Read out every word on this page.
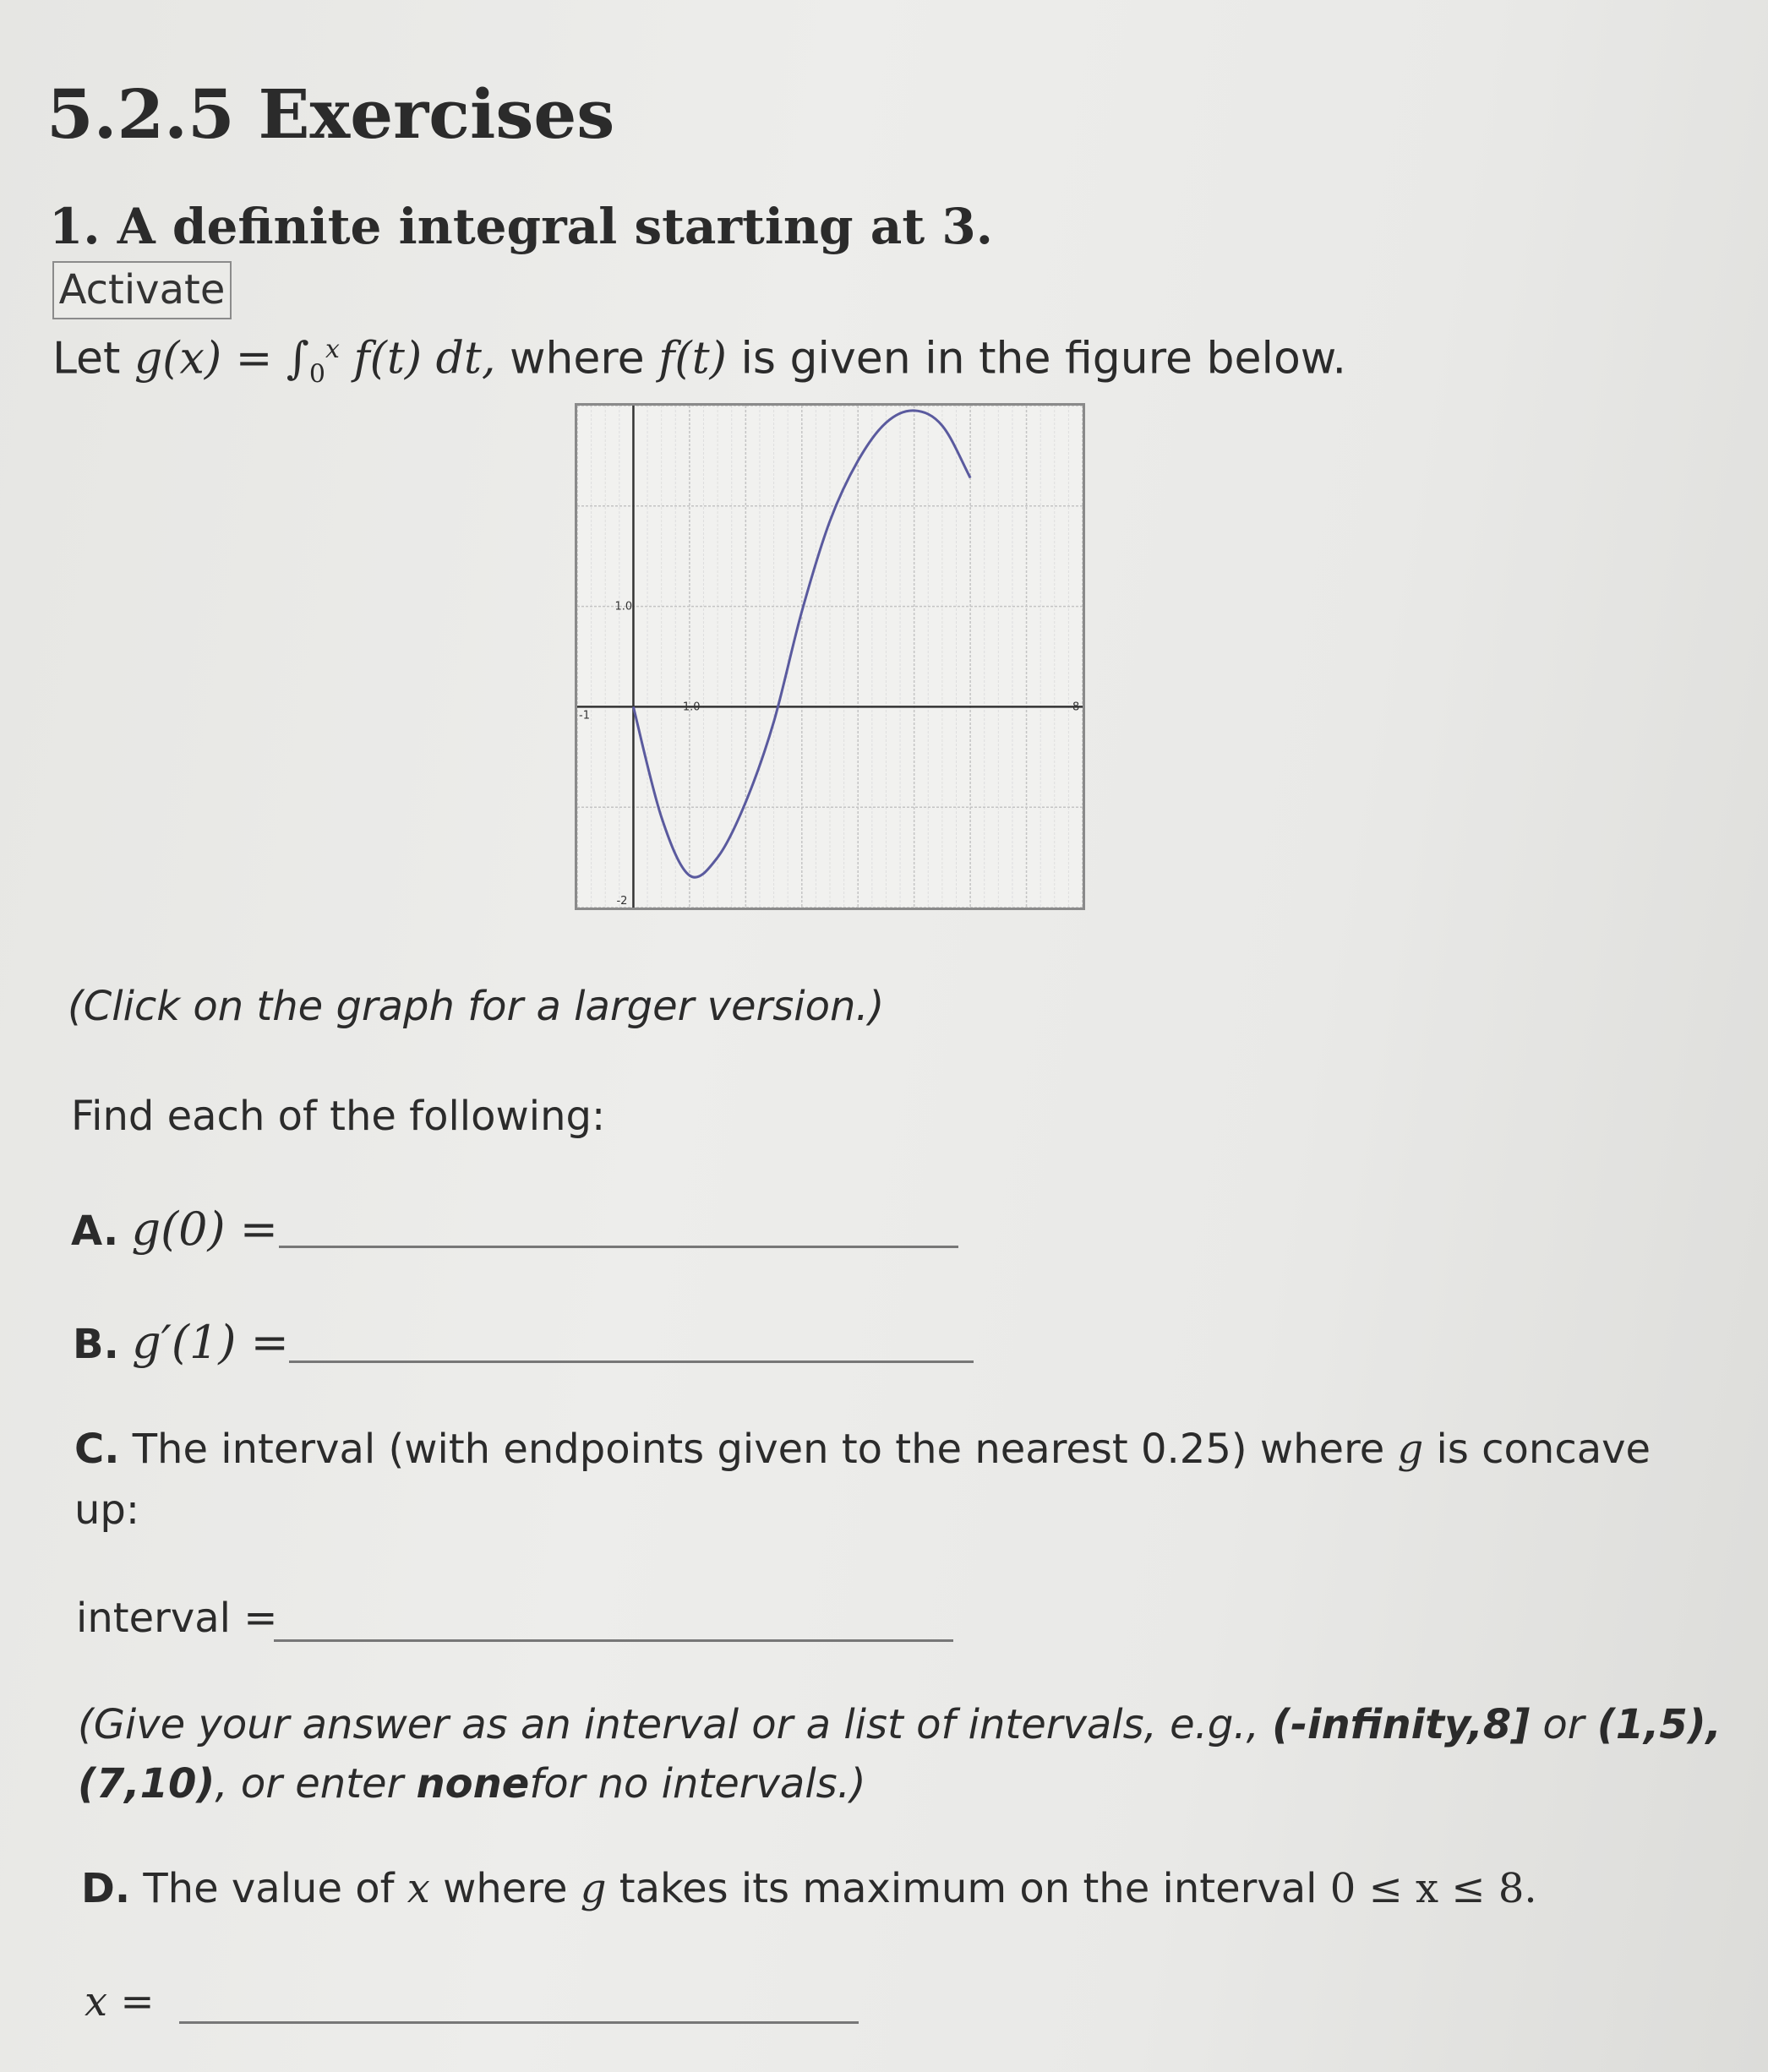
5.2.5 Exercises
1. A definite integral starting at 3.
Activate
Let $g(x) = \int_0^x$ f(t) dt, where f(t) is given in the figure below.
1.0
1.0
-1
8
-2
(Click on the graph for a larger version.)
Find each of the following:
A. g(0) =
B. g′(1) =
C. The interval (with endpoints given to the nearest 0.25) where g is concave
up:
interval =
(Give your answer as an interval or a list of intervals, e.g., (-infinity,8] or (1,5),
(7,10), or enter nonefor no intervals.)
D. The value of x where g takes its maximum on the interval 0 ≤ x ≤ 8.
x =
